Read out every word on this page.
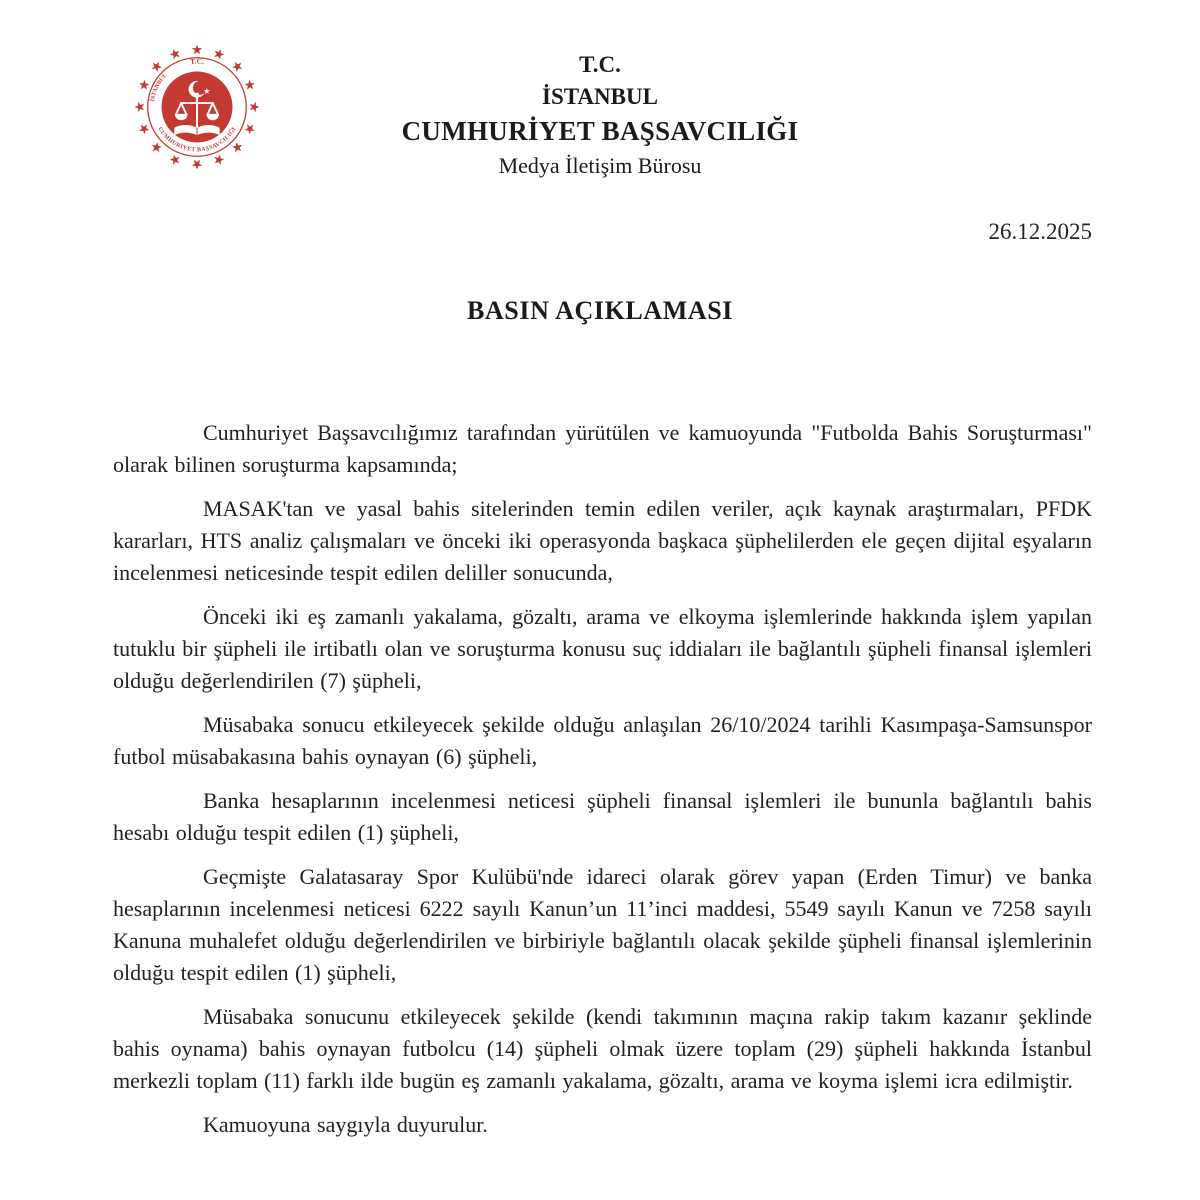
T.C.
İSTANBUL
CUMHURİYET BAŞSAVCILIĞI
T.C.
İSTANBUL
CUMHURİYET BAŞSAVCILIĞI
Medya İletişim Bürosu
26.12.2025
BASIN AÇIKLAMASI

Cumhuriyet Başsavcılığımız tarafından yürütülen ve kamuoyunda "Futbolda Bahis Soruşturması" olarak bilinen soruşturma kapsamında;

MASAK'tan ve yasal bahis sitelerinden temin edilen veriler, açık kaynak araştırmaları, PFDK kararları, HTS analiz çalışmaları ve önceki iki operasyonda başkaca şüphelilerden ele geçen dijital eşyaların incelenmesi neticesinde tespit edilen deliller sonucunda,

Önceki iki eş zamanlı yakalama, gözaltı, arama ve elkoyma işlemlerinde hakkında işlem yapılan tutuklu bir şüpheli ile irtibatlı olan ve soruşturma konusu suç iddiaları ile bağlantılı şüpheli finansal işlemleri olduğu değerlendirilen (7) şüpheli,

Müsabaka sonucu etkileyecek şekilde olduğu anlaşılan 26/10/2024 tarihli Kasımpaşa-Samsunspor futbol müsabakasına bahis oynayan (6) şüpheli,

Banka hesaplarının incelenmesi neticesi şüpheli finansal işlemleri ile bununla bağlantılı bahis hesabı olduğu tespit edilen (1) şüpheli,

Geçmişte Galatasaray Spor Kulübü'nde idareci olarak görev yapan (Erden Timur) ve banka hesaplarının incelenmesi neticesi 6222 sayılı Kanun’un 11’inci maddesi, 5549 sayılı Kanun ve 7258 sayılı Kanuna muhalefet olduğu değerlendirilen ve birbiriyle bağlantılı olacak şekilde şüpheli finansal işlemlerinin olduğu tespit edilen (1) şüpheli,

Müsabaka sonucunu etkileyecek şekilde (kendi takımının maçına rakip takım kazanır şeklinde bahis oynama) bahis oynayan futbolcu (14) şüpheli olmak üzere toplam (29) şüpheli hakkında İstanbul merkezli toplam (11) farklı ilde bugün eş zamanlı yakalama, gözaltı, arama ve koyma işlemi icra edilmiştir.

Kamuoyuna saygıyla duyurulur.
